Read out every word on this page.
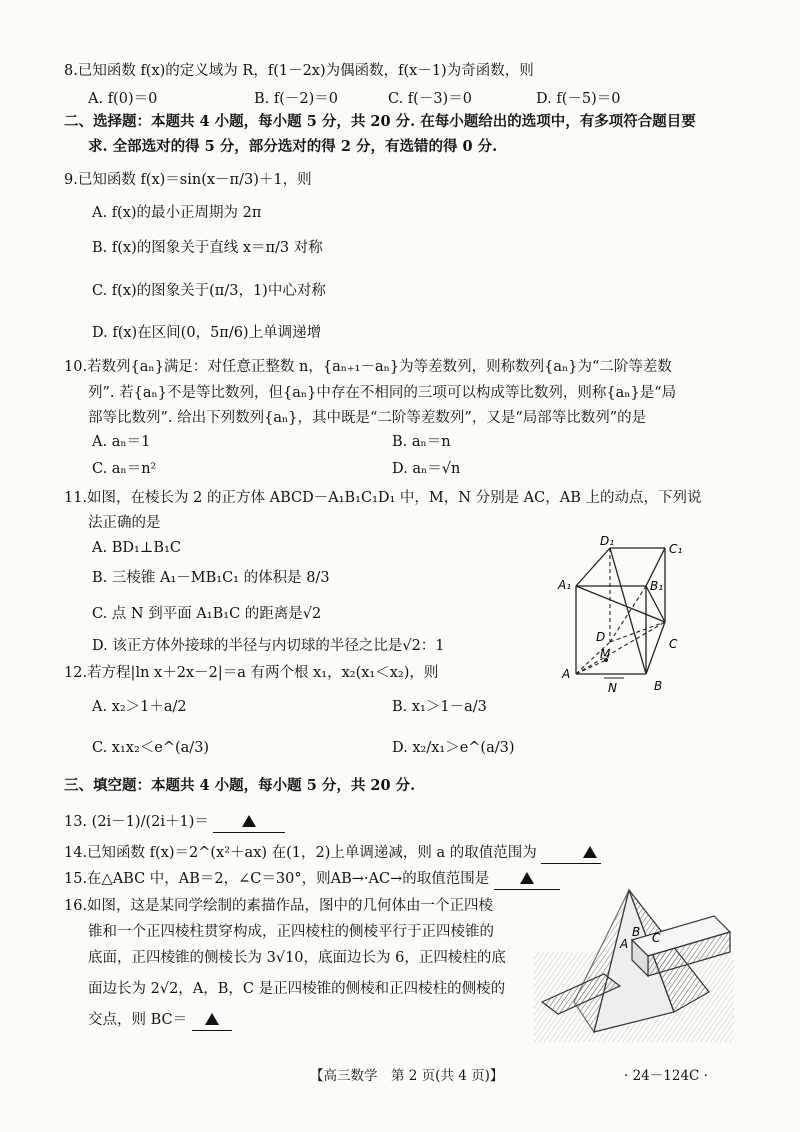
8.已知函数 f(x)的定义域为 R，f(1－2x)为偶函数，f(x－1)为奇函数，则
A. f(0)＝0	B. f(－2)＝0	C. f(－3)＝0	D. f(－5)＝0
二、选择题：本题共 4 小题，每小题 5 分，共 20 分. 在每小题给出的选项中，有多项符合题目要
求. 全部选对的得 5 分，部分选对的得 2 分，有选错的得 0 分.
9.已知函数 f(x)＝sin(x－π/3)＋1，则
A. f(x)的最小正周期为 2π
B. f(x)的图象关于直线 x＝π/3 对称
C. f(x)的图象关于(π/3，1)中心对称
D. f(x)在区间(0，5π/6)上单调递增
10.若数列{aₙ}满足：对任意正整数 n，{aₙ₊₁－aₙ}为等差数列，则称数列{aₙ}为“二阶等差数
列”. 若{aₙ}不是等比数列，但{aₙ}中存在不相同的三项可以构成等比数列，则称{aₙ}是“局
部等比数列”. 给出下列数列{aₙ}，其中既是“二阶等差数列”，又是“局部等比数列”的是
A. aₙ＝1	B. aₙ＝n
C. aₙ＝n²	D. aₙ＝√n
11.如图，在棱长为 2 的正方体 ABCD－A₁B₁C₁D₁ 中，M，N 分别是 AC，AB 上的动点，下列说
法正确的是
A. BD₁⊥B₁C
B. 三棱锥 A₁－MB₁C₁ 的体积是 8/3
C. 点 N 到平面 A₁B₁C 的距离是√2
D. 该正方体外接球的半径与内切球的半径之比是√2：1
D₁
C₁
A₁	B₁
D
M
C
A
N	B
12.若方程|ln x＋2x－2|＝a 有两个根 x₁，x₂(x₁＜x₂)，则
A. x₂＞1＋a/2	B. x₁＞1－a/3
C. x₁x₂＜e^(a/3)	D. x₂/x₁＞e^(a/3)
三、填空题：本题共 4 小题，每小题 5 分，共 20 分.
13. (2i－1)/(2i＋1)＝
14.已知函数 f(x)＝2^(x²＋ax) 在(1，2)上单调递减，则 a 的取值范围为
15.在△ABC 中，AB＝2，∠C＝30°，则AB→·AC→的取值范围是
16.如图，这是某同学绘制的素描作品，图中的几何体由一个正四棱
锥和一个正四棱柱贯穿构成，正四棱柱的侧棱平行于正四棱锥的
底面，正四棱锥的侧棱长为 3√10，底面边长为 6，正四棱柱的底
面边长为 2√2，A，B，C 是正四棱锥的侧棱和正四棱柱的侧棱的
交点，则 BC＝
A
B C
【高三数学　第 2 页(共 4 页)】	· 24－124C ·
